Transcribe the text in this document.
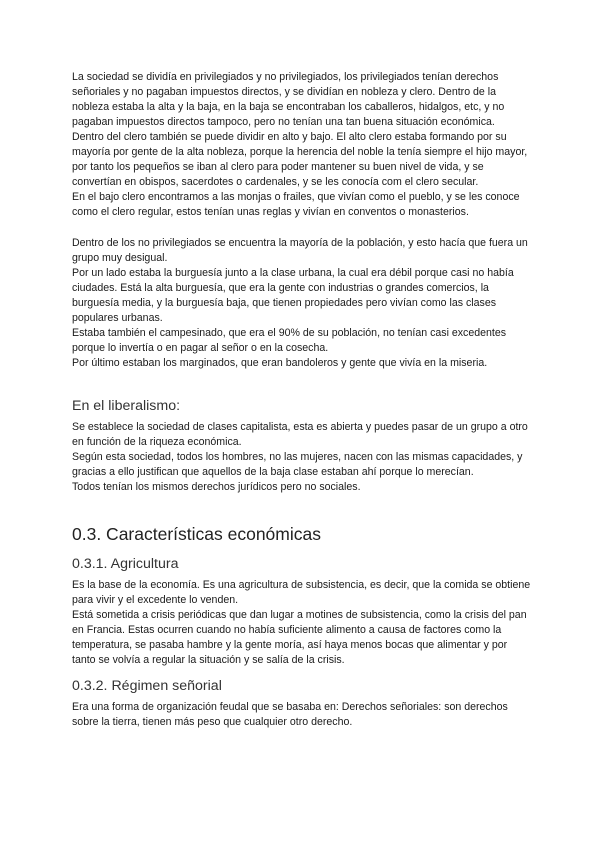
La sociedad se dividía en privilegiados y no privilegiados, los privilegiados tenían derechos señoriales y no pagaban impuestos directos, y se dividían en nobleza y clero. Dentro de la nobleza estaba la alta y la baja, en la baja se encontraban los caballeros, hidalgos, etc, y no pagaban impuestos directos tampoco, pero no tenían una tan buena situación económica.

Dentro del clero también se puede dividir en alto y bajo. El alto clero estaba formando por su mayoría por gente de la alta nobleza, porque la herencia del noble la tenía siempre el hijo mayor, por tanto los pequeños se iban al clero para poder mantener su buen nivel de vida, y se convertían en obispos, sacerdotes o cardenales, y se les conocía com el clero secular.

En el bajo clero encontramos a las monjas o frailes, que vivían como el pueblo, y se les conoce como el clero regular, estos tenían unas reglas y vivían en conventos o monasterios.

Dentro de los no privilegiados se encuentra la mayoría de la población, y esto hacía que fuera un grupo muy desigual.

Por un lado estaba la burguesía junto a la clase urbana, la cual era débil porque casi no había ciudades. Está la alta burguesía, que era la gente con industrias o grandes comercios, la burguesía media, y la burguesía baja, que tienen propiedades pero vivían como las clases populares urbanas.

Estaba también el campesinado, que era el 90% de su población, no tenían casi excedentes porque lo invertía o en pagar al señor o en la cosecha.

Por último estaban los marginados, que eran bandoleros y gente que vivía en la miseria.

En el liberalismo:

Se establece la sociedad de clases capitalista, esta es abierta y puedes pasar de un grupo a otro en función de la riqueza económica.

Según esta sociedad, todos los hombres, no las mujeres, nacen con las mismas capacidades, y gracias a ello justifican que aquellos de la baja clase estaban ahí porque lo merecían.

Todos tenían los mismos derechos jurídicos pero no sociales.

0.3. Características económicas
0.3.1. Agricultura

Es la base de la economía. Es una agricultura de subsistencia, es decir, que la comida se obtiene para vivir y el excedente lo venden.

Está sometida a crisis periódicas que dan lugar a motines de subsistencia, como la crisis del pan en Francia. Estas ocurren cuando no había suficiente alimento a causa de factores como la temperatura, se pasaba hambre y la gente moría, así haya menos bocas que alimentar y por tanto se volvía a regular la situación y se salía de la crisis.

0.3.2. Régimen señorial

Era una forma de organización feudal que se basaba en: Derechos señoriales: son derechos sobre la tierra, tienen más peso que cualquier otro derecho.
